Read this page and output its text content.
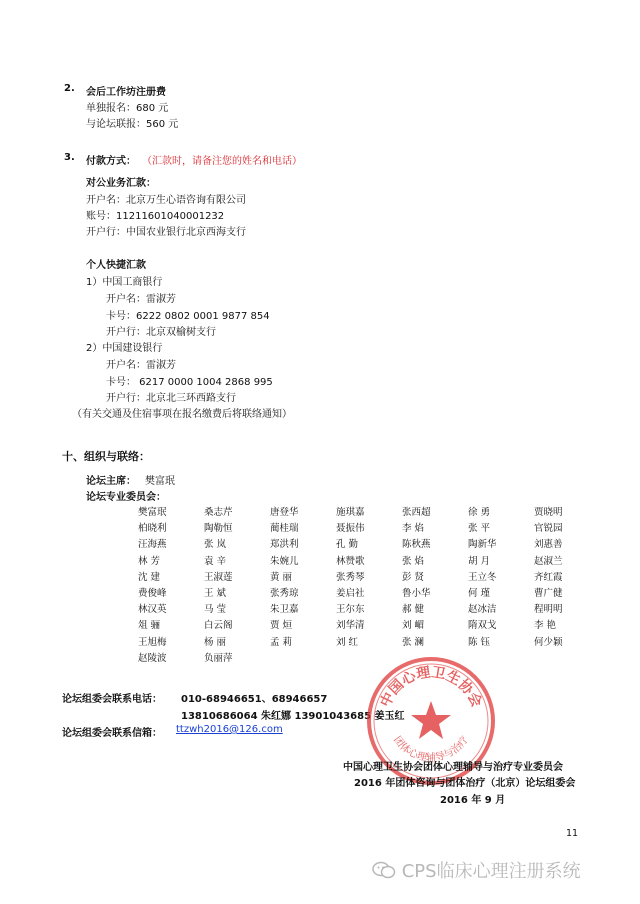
2. 会后工作坊注册费
单独报名：680 元
与论坛联报：560 元
3. 付款方式： （汇款时，请备注您的姓名和电话）
对公业务汇款：
开户名：北京万生心语咨询有限公司
账号：11211601040001232
开户行：中国农业银行北京西海支行
个人快捷汇款
1）中国工商银行
开户名：雷淑芳
卡号：6222 0802 0001 9877 854
开户行：北京双榆树支行
2）中国建设银行
开户名：雷淑芳
卡号： 6217 0000 1004 2868 995
开户行：北京北三环西路支行
（有关交通及住宿事项在报名缴费后将联络通知）
十、组织与联络：
论坛主席： 樊富珉
论坛专业委员会：
樊富珉	桑志芹	唐登华	施琪嘉	张西超	徐 勇	贾晓明
柏晓利	陶勒恒	蔺桂瑞	聂振伟	李 焰	张 平	官锐园
汪海燕	张 岚	郑洪利	孔 勤	陈秋燕	陶新华	刘惠善
林 芳	袁 辛	朱婉儿	林赞歌	张 焰	胡 月	赵淑兰
沈 建	王淑莲	黄 丽	张秀琴	彭 贤	王立冬	齐红霞
费俊峰	王 斌	张秀琼	姜启社	鲁小华	何 瑾	曹广健
林汉英	马 莹	朱卫嘉	王尔东	郝 健	赵冰洁	程明明
俎 骊	白云阁	贾 烜	刘华清	刘 嵋	隋双戈	李 艳
王旭梅	杨 丽	孟 莉	刘 红	张 澜	陈 钰	何少颖
赵陵波	负丽萍
论坛组委会联系电话： 010-68946651、68946657
13810686064 朱红娜 13901043685 姜玉红
论坛组委会联系信箱： ttzwh2016@126.com
中国心理卫生协会
团体心理辅导与治疗
中国心理卫生协会团体心理辅导与治疗专业委员会
2016 年团体咨询与团体治疗（北京）论坛组委会
2016 年 9 月
11
CPS临床心理注册系统
